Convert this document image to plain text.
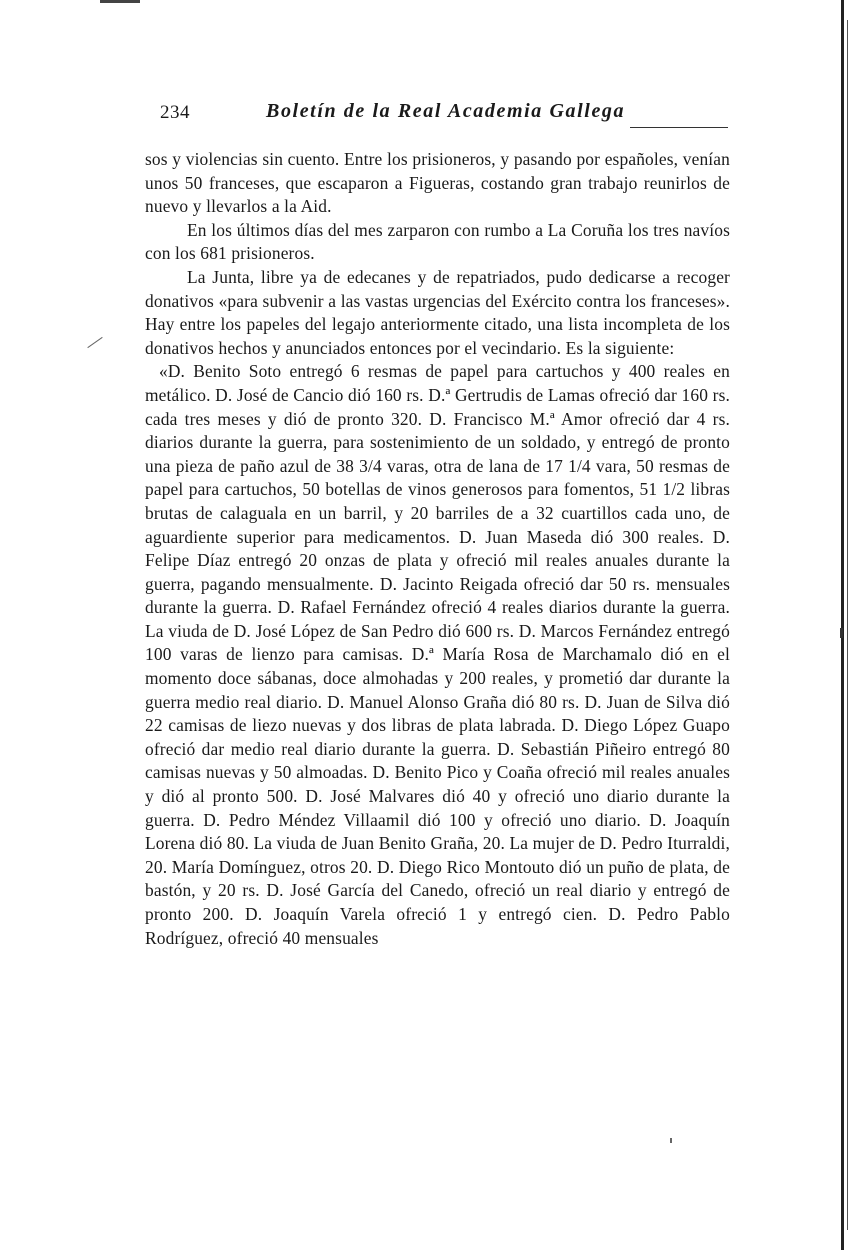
234	Boletín de la Real Academia Gallega

sos y violencias sin cuento. Entre los prisioneros, y pasando por españoles, venían unos 50 franceses, que escaparon a Figueras, costando gran trabajo reunirlos de nuevo y llevarlos a la Aid.

En los últimos días del mes zarparon con rumbo a La Coruña los tres navíos con los 681 prisioneros.

La Junta, libre ya de edecanes y de repatriados, pudo dedicarse a recoger donativos «para subvenir a las vastas urgencias del Exército contra los franceses». Hay entre los papeles del legajo anteriormente citado, una lista incompleta de los donativos hechos y anunciados entonces por el vecindario. Es la siguiente:

«D. Benito Soto entregó 6 resmas de papel para cartuchos y 400 reales en metálico. D. José de Cancio dió 160 rs. D.ª Gertrudis de Lamas ofreció dar 160 rs. cada tres meses y dió de pronto 320. D. Francisco M.ª Amor ofreció dar 4 rs. diarios durante la guerra, para sostenimiento de un soldado, y entregó de pronto una pieza de paño azul de 38 3/4 varas, otra de lana de 17 1/4 vara, 50 resmas de papel para cartuchos, 50 botellas de vinos generosos para fomentos, 51 1/2 libras brutas de calaguala en un barril, y 20 barriles de a 32 cuartillos cada uno, de aguardiente superior para medicamentos. D. Juan Maseda dió 300 reales. D. Felipe Díaz entregó 20 onzas de plata y ofreció mil reales anuales durante la guerra, pagando mensualmente. D. Jacinto Reigada ofreció dar 50 rs. mensuales durante la guerra. D. Rafael Fernández ofreció 4 reales diarios durante la guerra. La viuda de D. José López de San Pedro dió 600 rs. D. Marcos Fernández entregó 100 varas de lienzo para camisas. D.ª María Rosa de Marchamalo dió en el momento doce sábanas, doce almohadas y 200 reales, y prometió dar durante la guerra medio real diario. D. Manuel Alonso Graña dió 80 rs. D. Juan de Silva dió 22 camisas de liezo nuevas y dos libras de plata labrada. D. Diego López Guapo ofreció dar medio real diario durante la guerra. D. Sebastián Piñeiro entregó 80 camisas nuevas y 50 almoadas. D. Benito Pico y Coaña ofreció mil reales anuales y dió al pronto 500. D. José Malvares dió 40 y ofreció uno diario durante la guerra. D. Pedro Méndez Villaamil dió 100 y ofreció uno diario. D. Joaquín Lorena dió 80. La viuda de Juan Benito Graña, 20. La mujer de D. Pedro Iturraldi, 20. María Domínguez, otros 20. D. Diego Rico Montouto dió un puño de plata, de bastón, y 20 rs. D. José García del Canedo, ofreció un real diario y entregó de pronto 200. D. Joaquín Varela ofreció 1 y entregó cien. D. Pedro Pablo Rodríguez, ofreció 40 mensuales
